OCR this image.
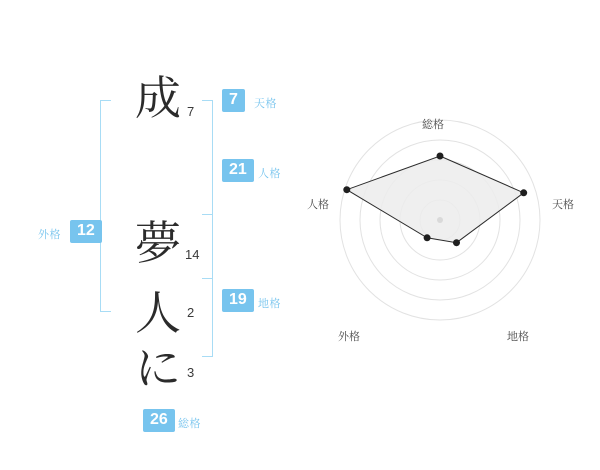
成 7
夢 14
人 2
に 3
7	天格
21	人格
19	地格
外格	12
26 総格
総格
天格
地格
外格
人格
